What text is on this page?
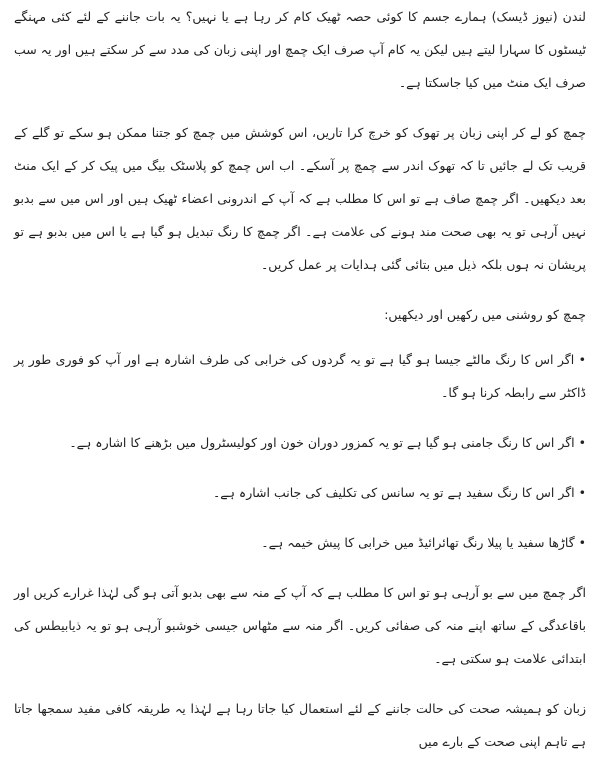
لندن (نیوز ڈیسک) ہمارے جسم کا کوئی حصہ ٹھیک کام کر رہا ہے یا نہیں؟ یہ بات جاننے کے لئے کئی مہنگے ٹیسٹوں کا سہارا لیتے ہیں لیکن یہ کام آپ صرف ایک چمچ اور اپنی زبان کی مدد سے کر سکتے ہیں اور یہ سب صرف ایک منٹ میں کیا جاسکتا ہے۔

چمچ کو لے کر اپنی زبان پر تھوک کو خرچ کرا تاریں، اس کوشش میں چمچ کو جتنا ممکن ہو سکے تو گلے کے قریب تک لے جائیں تا کہ تھوک اندر سے چمچ پر آسکے۔ اب اس چمچ کو پلاسٹک بیگ میں پیک کر کے ایک منٹ بعد دیکھیں۔ اگر چمچ صاف ہے تو اس کا مطلب ہے کہ آپ کے اندرونی اعضاء ٹھیک ہیں اور اس میں سے بدبو نہیں آرہی تو یہ بھی صحت مند ہونے کی علامت ہے۔ اگر چمچ کا رنگ تبدیل ہو گیا ہے یا اس میں بدبو ہے تو پریشان نہ ہوں بلکہ ذیل میں بتائی گئی ہدایات پر عمل کریں۔

چمچ کو روشنی میں رکھیں اور دیکھیں:

• اگر اس کا رنگ مالٹے جیسا ہو گیا ہے تو یہ گردوں کی خرابی کی طرف اشارہ ہے اور آپ کو فوری طور پر ڈاکٹر سے رابطہ کرنا ہو گا۔

• اگر اس کا رنگ جامنی ہو گیا ہے تو یہ کمزور دوران خون اور کولیسٹرول میں بڑھنے کا اشارہ ہے۔

• اگر اس کا رنگ سفید ہے تو یہ سانس کی تکلیف کی جانب اشارہ ہے۔

• گاڑھا سفید یا پیلا رنگ تھائرائیڈ میں خرابی کا پیش خیمہ ہے۔

اگر چمچ میں سے بو آرہی ہو تو اس کا مطلب ہے کہ آپ کے منہ سے بھی بدبو آتی ہو گی لہٰذا غرارے کریں اور باقاعدگی کے ساتھ اپنے منہ کی صفائی کریں۔ اگر منہ سے مٹھاس جیسی خوشبو آرہی ہو تو یہ ذیابیطس کی ابتدائی علامت ہو سکتی ہے۔

زبان کو ہمیشہ صحت کی حالت جاننے کے لئے استعمال کیا جاتا رہا ہے لہٰذا یہ طریقہ کافی مفید سمجھا جاتا ہے تاہم اپنی صحت کے بارے میں
